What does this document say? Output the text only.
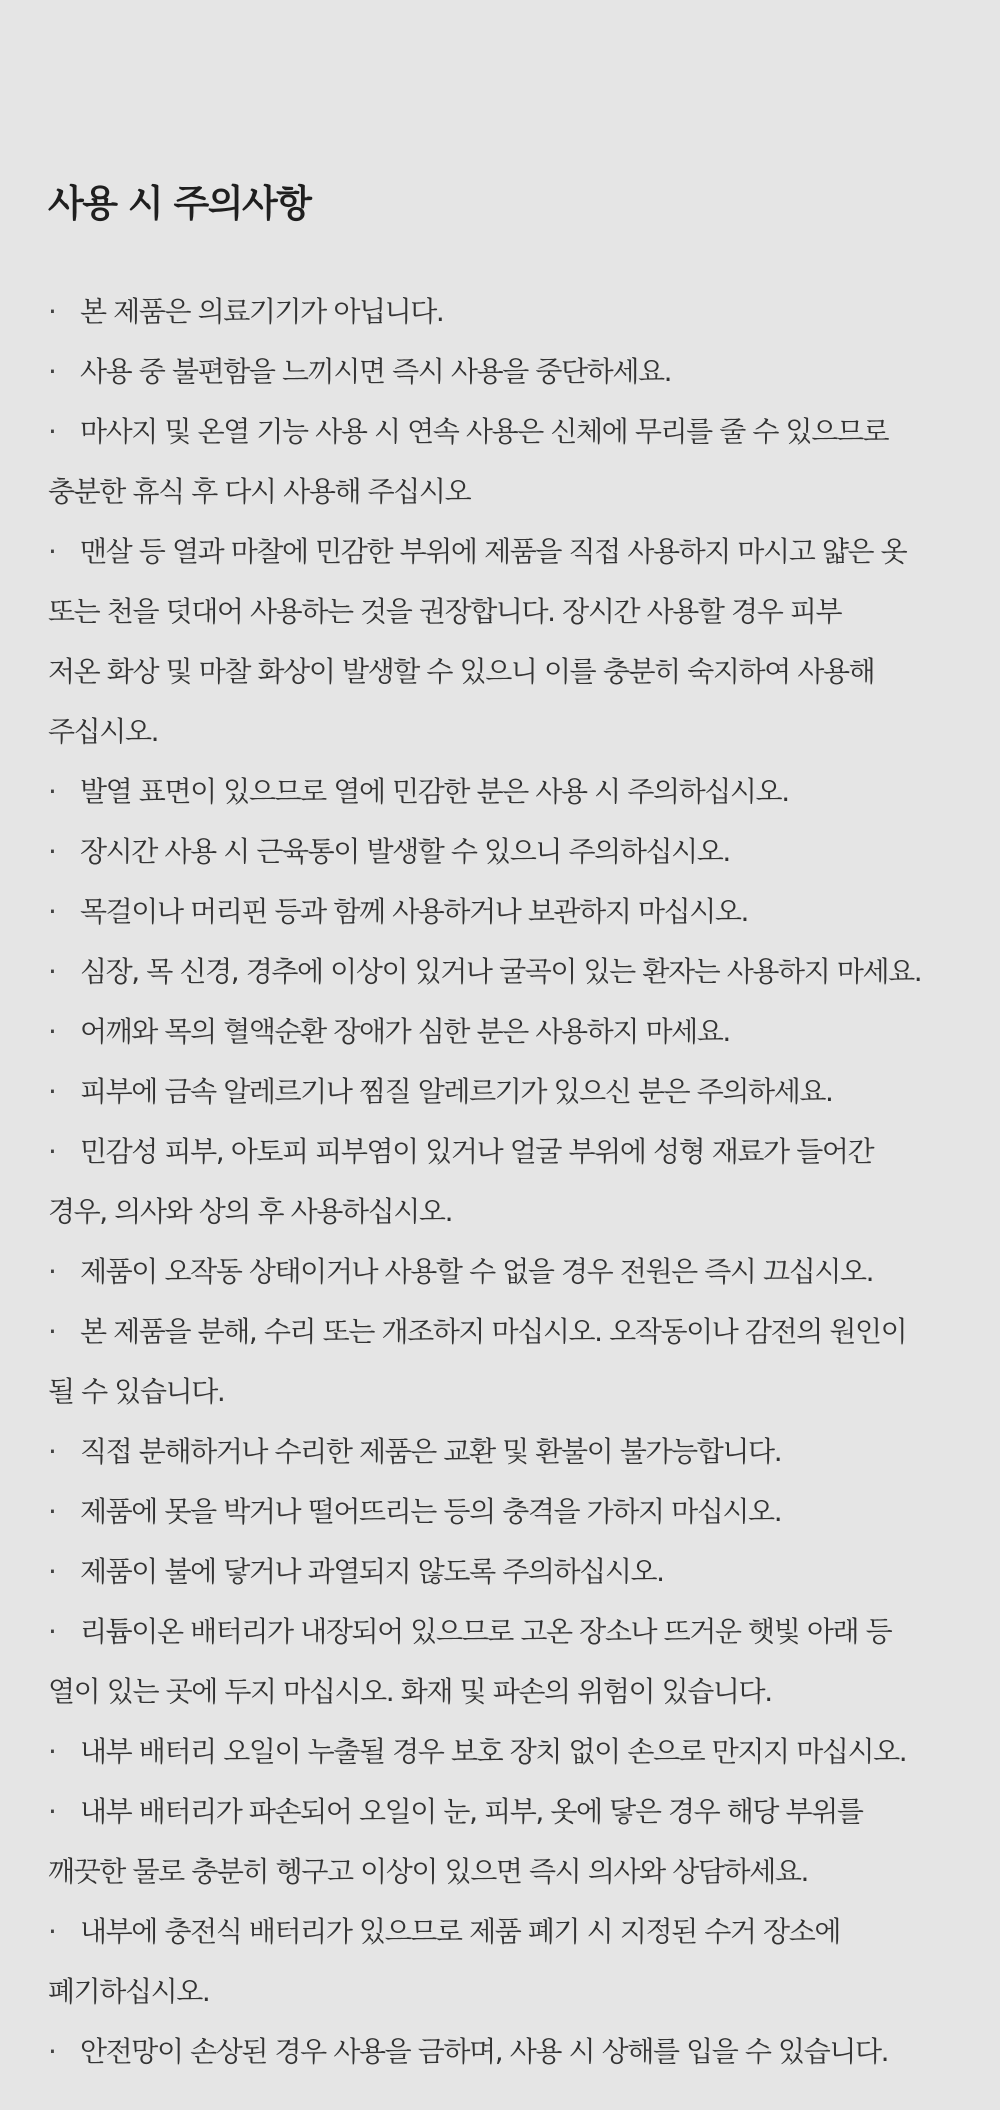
사용 시 주의사항
· 본 제품은 의료기기가 아닙니다.
· 사용 중 불편함을 느끼시면 즉시 사용을 중단하세요.
· 마사지 및 온열 기능 사용 시 연속 사용은 신체에 무리를 줄 수 있으므로
충분한 휴식 후 다시 사용해 주십시오
· 맨살 등 열과 마찰에 민감한 부위에 제품을 직접 사용하지 마시고 얇은 옷
또는 천을 덧대어 사용하는 것을 권장합니다. 장시간 사용할 경우 피부
저온 화상 및 마찰 화상이 발생할 수 있으니 이를 충분히 숙지하여 사용해
주십시오.
· 발열 표면이 있으므로 열에 민감한 분은 사용 시 주의하십시오.
· 장시간 사용 시 근육통이 발생할 수 있으니 주의하십시오.
· 목걸이나 머리핀 등과 함께 사용하거나 보관하지 마십시오.
· 심장, 목 신경, 경추에 이상이 있거나 굴곡이 있는 환자는 사용하지 마세요.
· 어깨와 목의 혈액순환 장애가 심한 분은 사용하지 마세요.
· 피부에 금속 알레르기나 찜질 알레르기가 있으신 분은 주의하세요.
· 민감성 피부, 아토피 피부염이 있거나 얼굴 부위에 성형 재료가 들어간
경우, 의사와 상의 후 사용하십시오.
· 제품이 오작동 상태이거나 사용할 수 없을 경우 전원은 즉시 끄십시오.
· 본 제품을 분해, 수리 또는 개조하지 마십시오. 오작동이나 감전의 원인이
될 수 있습니다.
· 직접 분해하거나 수리한 제품은 교환 및 환불이 불가능합니다.
· 제품에 못을 박거나 떨어뜨리는 등의 충격을 가하지 마십시오.
· 제품이 불에 닿거나 과열되지 않도록 주의하십시오.
· 리튬이온 배터리가 내장되어 있으므로 고온 장소나 뜨거운 햇빛 아래 등
열이 있는 곳에 두지 마십시오. 화재 및 파손의 위험이 있습니다.
· 내부 배터리 오일이 누출될 경우 보호 장치 없이 손으로 만지지 마십시오.
· 내부 배터리가 파손되어 오일이 눈, 피부, 옷에 닿은 경우 해당 부위를
깨끗한 물로 충분히 헹구고 이상이 있으면 즉시 의사와 상담하세요.
· 내부에 충전식 배터리가 있으므로 제품 폐기 시 지정된 수거 장소에
폐기하십시오.
· 안전망이 손상된 경우 사용을 금하며, 사용 시 상해를 입을 수 있습니다.
